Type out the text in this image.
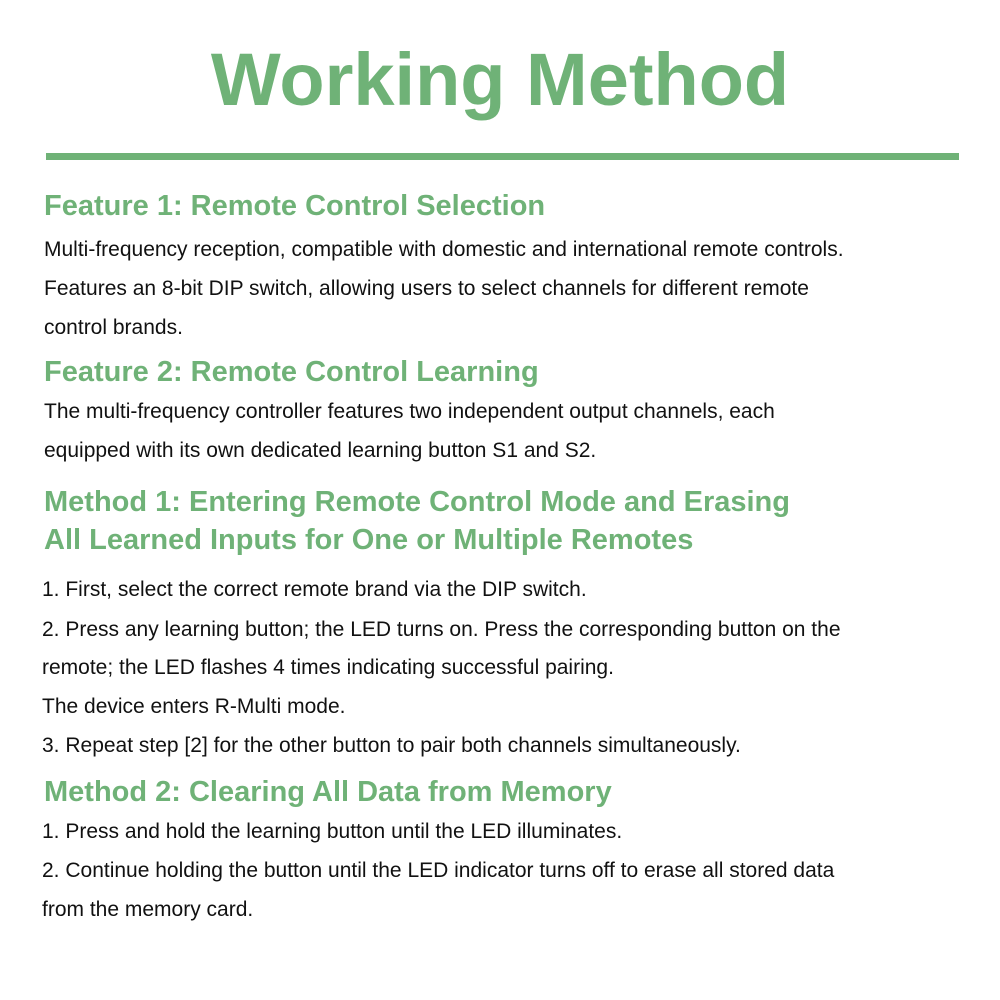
Working Method
Feature 1: Remote Control Selection

Multi-frequency reception, compatible with domestic and international remote controls.

Features an 8-bit DIP switch, allowing users to select channels for different remote

control brands.

Feature 2: Remote Control Learning

The multi-frequency controller features two independent output channels, each

equipped with its own dedicated learning button S1 and S2.

Method 1: Entering Remote Control Mode and Erasing
All Learned Inputs for One or Multiple Remotes

1. First, select the correct remote brand via the DIP switch.

2. Press any learning button; the LED turns on. Press the corresponding button on the

remote; the LED flashes 4 times indicating successful pairing.

The device enters R-Multi mode.

3. Repeat step [2] for the other button to pair both channels simultaneously.

Method 2: Clearing All Data from Memory

1. Press and hold the learning button until the LED illuminates.

2. Continue holding the button until the LED indicator turns off to erase all stored data

from the memory card.
